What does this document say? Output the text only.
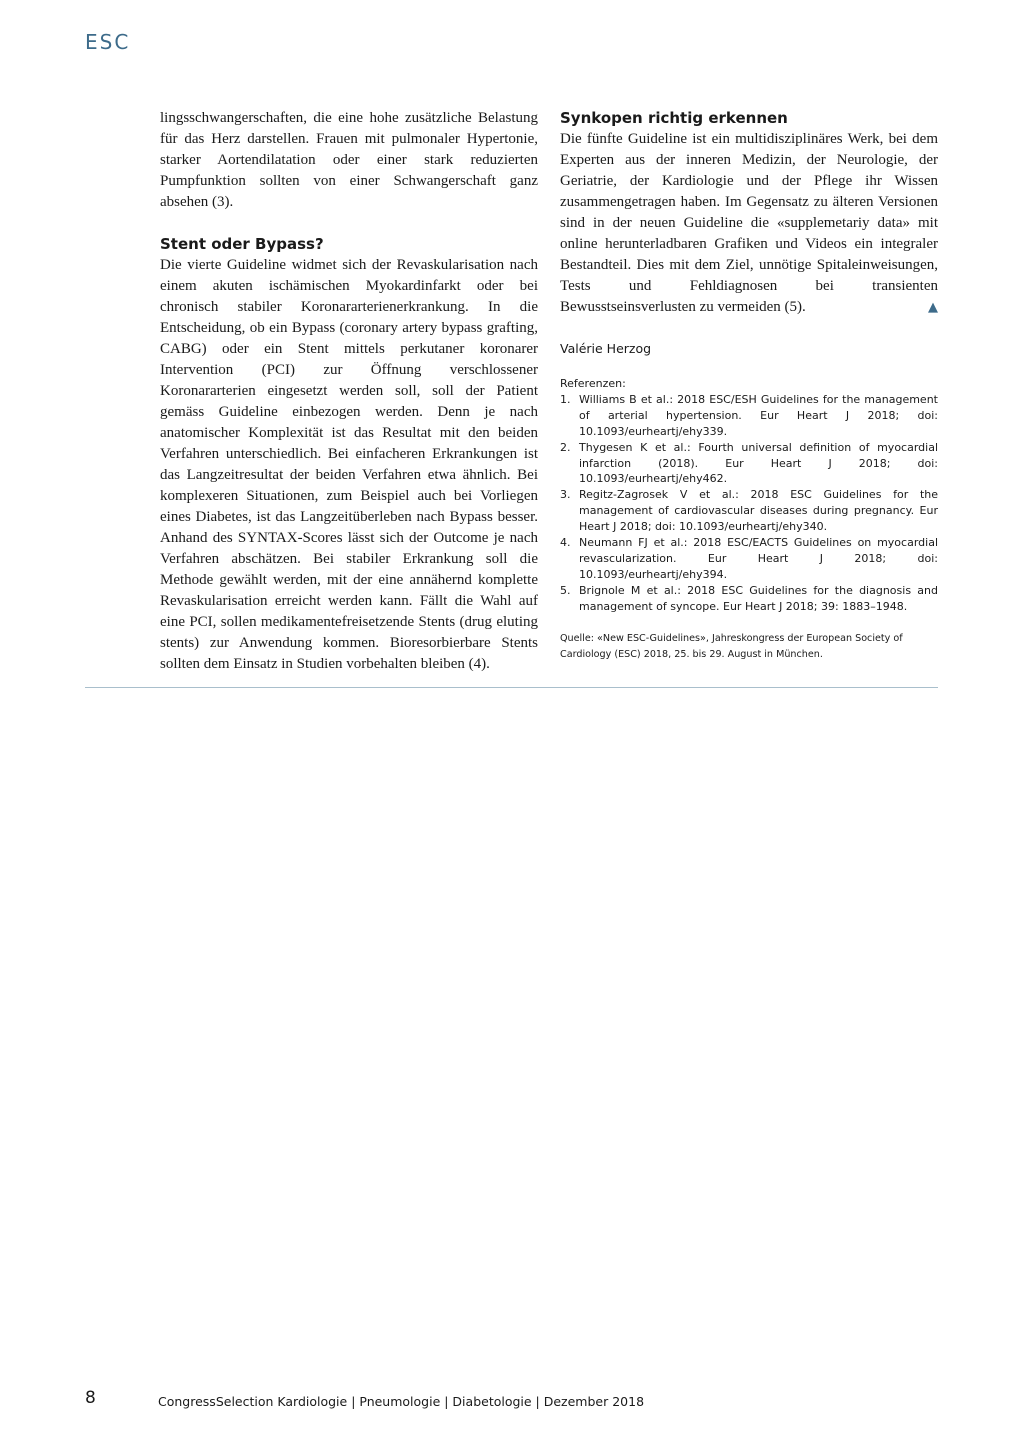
ESC

lingsschwangerschaften, die eine hohe zusätzliche Belastung für das Herz darstellen. Frauen mit pulmonaler Hypertonie, starker Aortendilatation oder einer stark reduzierten Pumpfunktion sollten von einer Schwangerschaft ganz absehen (3).

Stent oder Bypass?

Die vierte Guideline widmet sich der Revaskularisation nach einem akuten ischämischen Myokardinfarkt oder bei chronisch stabiler Koronararterienerkrankung. In die Entscheidung, ob ein Bypass (coronary artery bypass grafting, CABG) oder ein Stent mittels perkutaner koronarer Intervention (PCI) zur Öffnung verschlossener Koronararterien eingesetzt werden soll, soll der Patient gemäss Guideline einbezogen werden. Denn je nach anatomischer Komplexität ist das Resultat mit den beiden Verfahren unterschiedlich. Bei einfacheren Erkrankungen ist das Langzeitresultat der beiden Verfahren etwa ähnlich. Bei komplexeren Situationen, zum Beispiel auch bei Vorliegen eines Diabetes, ist das Langzeitüberleben nach Bypass besser. Anhand des SYNTAX-Scores lässt sich der Outcome je nach Verfahren abschätzen. Bei stabiler Erkrankung soll die Methode gewählt werden, mit der eine annähernd komplette Revaskularisation erreicht werden kann. Fällt die Wahl auf eine PCI, sollen medikamentefreisetzende Stents (drug eluting stents) zur Anwendung kommen. Bioresorbierbare Stents sollten dem Einsatz in Studien vorbehalten bleiben (4).

Synkopen richtig erkennen

Die fünfte Guideline ist ein multidisziplinäres Werk, bei dem Experten aus der inneren Medizin, der Neurologie, der Geriatrie, der Kardiologie und der Pflege ihr Wissen zusammengetragen haben. Im Gegensatz zu älteren Versionen sind in der neuen Guideline die «supplemetariy data» mit online herunterladbaren Grafiken und Videos ein integraler Bestandteil. Dies mit dem Ziel, unnötige Spitaleinweisungen, Tests und Fehldiagnosen bei transienten Bewusstseinsverlusten zu vermeiden (5).	▲

Valérie Herzog

Referenzen:

1. Williams B et al.: 2018 ESC/ESH Guidelines for the management of arterial hypertension. Eur Heart J 2018; doi: 10.1093/eurheartj/ehy339.
2. Thygesen K et al.: Fourth universal definition of myocardial infarction (2018). Eur Heart J 2018; doi: 10.1093/eurheartj/ehy462.
3. Regitz-Zagrosek V et al.: 2018 ESC Guidelines for the management of cardiovascular diseases during pregnancy. Eur Heart J 2018; doi: 10.1093/eurheartj/ehy340.
4. Neumann FJ et al.: 2018 ESC/EACTS Guidelines on myocardial revascularization. Eur Heart J 2018; doi: 10.1093/eurheartj/ehy394.
5. Brignole M et al.: 2018 ESC Guidelines for the diagnosis and management of syncope. Eur Heart J 2018; 39: 1883–1948.
Quelle: «New ESC-Guidelines», Jahreskongress der European Society of Cardiology (ESC) 2018, 25. bis 29. August in München.
8	CongressSelection Kardiologie | Pneumologie | Diabetologie | Dezember 2018
